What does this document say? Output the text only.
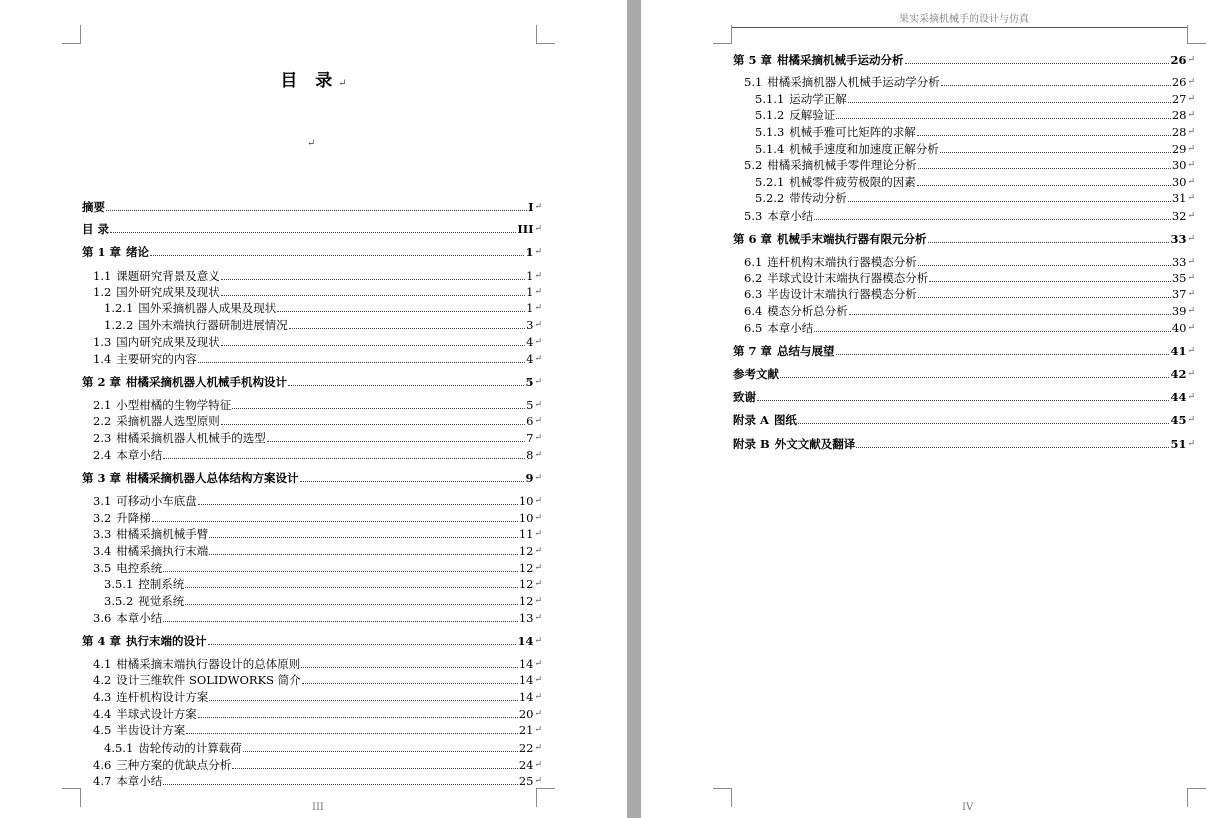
目 录↵
↵
摘要	I ↵
目 录	III ↵
第 1 章 绪论	1 ↵
1.1 课题研究背景及意义	1 ↵
1.2 国外研究成果及现状	1 ↵
1.2.1 国外采摘机器人成果及现状	1 ↵
1.2.2 国外末端执行器研制进展情况	3 ↵
1.3 国内研究成果及现状	4 ↵
1.4 主要研究的内容	4 ↵
第 2 章 柑橘采摘机器人机械手机构设计	5 ↵
2.1 小型柑橘的生物学特征	5 ↵
2.2 采摘机器人选型原则	6 ↵
2.3 柑橘采摘机器人机械手的选型	7 ↵
2.4 本章小结	8 ↵
第 3 章 柑橘采摘机器人总体结构方案设计	9 ↵
3.1 可移动小车底盘	10 ↵
3.2 升降梯	10 ↵
3.3 柑橘采摘机械手臂	11 ↵
3.4 柑橘采摘执行末端	12 ↵
3.5 电控系统	12 ↵
3.5.1 控制系统	12 ↵
3.5.2 视觉系统	12 ↵
3.6 本章小结	13 ↵
第 4 章 执行末端的设计	14 ↵
4.1 柑橘采摘末端执行器设计的总体原则	14 ↵
4.2 设计三维软件 SOLIDWORKS 简介	14 ↵
4.3 连杆机构设计方案	14 ↵
4.4 半球式设计方案	20 ↵
4.5 半齿设计方案	21 ↵
4.5.1 齿轮传动的计算载荷	22 ↵
4.6 三种方案的优缺点分析	24 ↵
4.7 本章小结	25 ↵
III
果实采摘机械手的设计与仿真
第 5 章 柑橘采摘机械手运动分析	26 ↵
5.1 柑橘采摘机器人机械手运动学分析	26 ↵
5.1.1 运动学正解	27 ↵
5.1.2 反解验证	28 ↵
5.1.3 机械手雅可比矩阵的求解	28 ↵
5.1.4 机械手速度和加速度正解分析	29 ↵
5.2 柑橘采摘机械手零件理论分析	30 ↵
5.2.1 机械零件疲劳极限的因素	30 ↵
5.2.2 带传动分析	31 ↵
5.3 本章小结	32 ↵
第 6 章 机械手末端执行器有限元分析	33 ↵
6.1 连杆机构末端执行器模态分析	33 ↵
6.2 半球式设计末端执行器模态分析	35 ↵
6.3 半齿设计末端执行器模态分析	37 ↵
6.4 模态分析总分析	39 ↵
6.5 本章小结	40 ↵
第 7 章 总结与展望	41 ↵
参考文献	42 ↵
致谢	44 ↵
附录 A 图纸	45 ↵
附录 B 外文文献及翻译	51 ↵
IV
